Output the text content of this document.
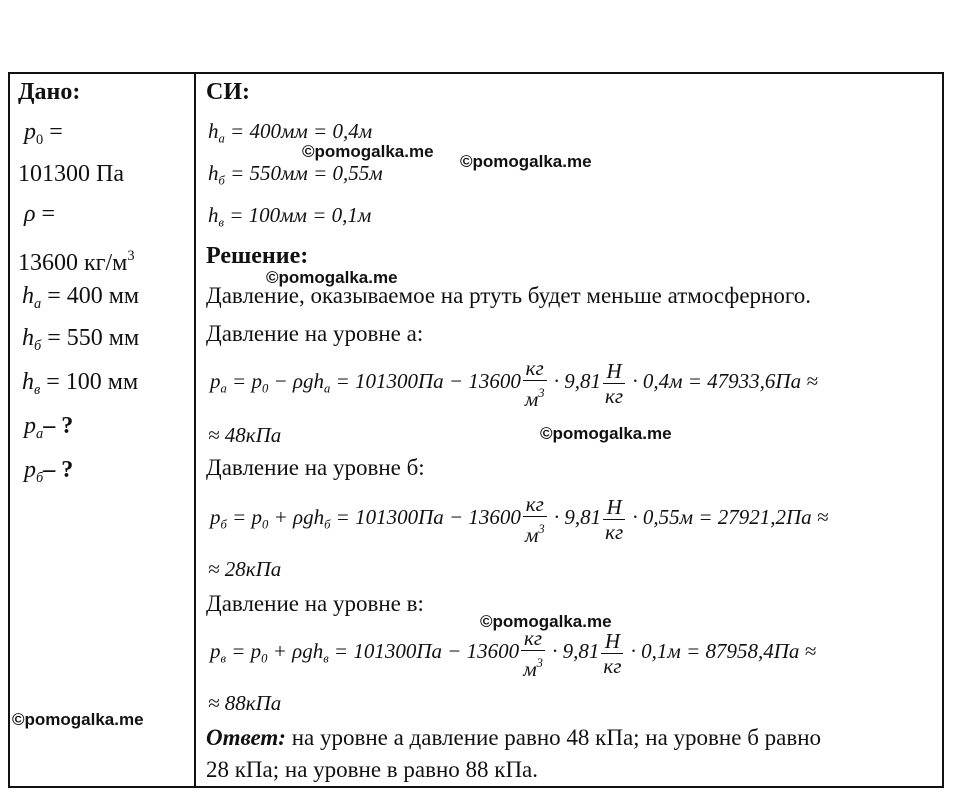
Дано:
$p_0$ =
101300 Па
ρ =
13600 $кг/м^3$
$h_а = 400$ мм
$h_б = 550$ мм
$h_в = 100$ мм
$p_а-$ ?
$p_б-$ ?
СИ:
$h_а = 400мм = 0,4м$
$h_б = 550мм = 0,55м$
$h_в = 100мм = 0,1м$
Решение:
Давление, оказываемое на ртуть будет меньше атмосферного.
Давление на уровне а:
$p_а = p_0 - \rho gh_а = 101300Па - 13600 \frac{кг}{м^3} \cdot 9,81 \frac{Н}{кг} \cdot 0,4м = 47933,6Па$ ≈
≈ 48кПа
Давление на уровне б:
$p_б = p_0 + \rho gh_б = 101300Па - 13600 \frac{кг}{м^3} \cdot 9,81 \frac{Н}{кг} \cdot 0,55м = 27921,2Па$ ≈
≈ 28кПа
Давление на уровне в:
$p_в = p_0 + \rho gh_в = 101300Па - 13600 \frac{кг}{м^3} \cdot 9,81 \frac{Н}{кг} \cdot 0,1м = 87958,4Па$ ≈
≈ 88кПа
Ответ: на уровне а давление равно 48 кПа; на уровне б равно
28 кПа; на уровне в равно 88 кПа.
©pomogalka.me
©pomogalka.me
©pomogalka.me
©pomogalka.me
©pomogalka.me
©pomogalka.me
